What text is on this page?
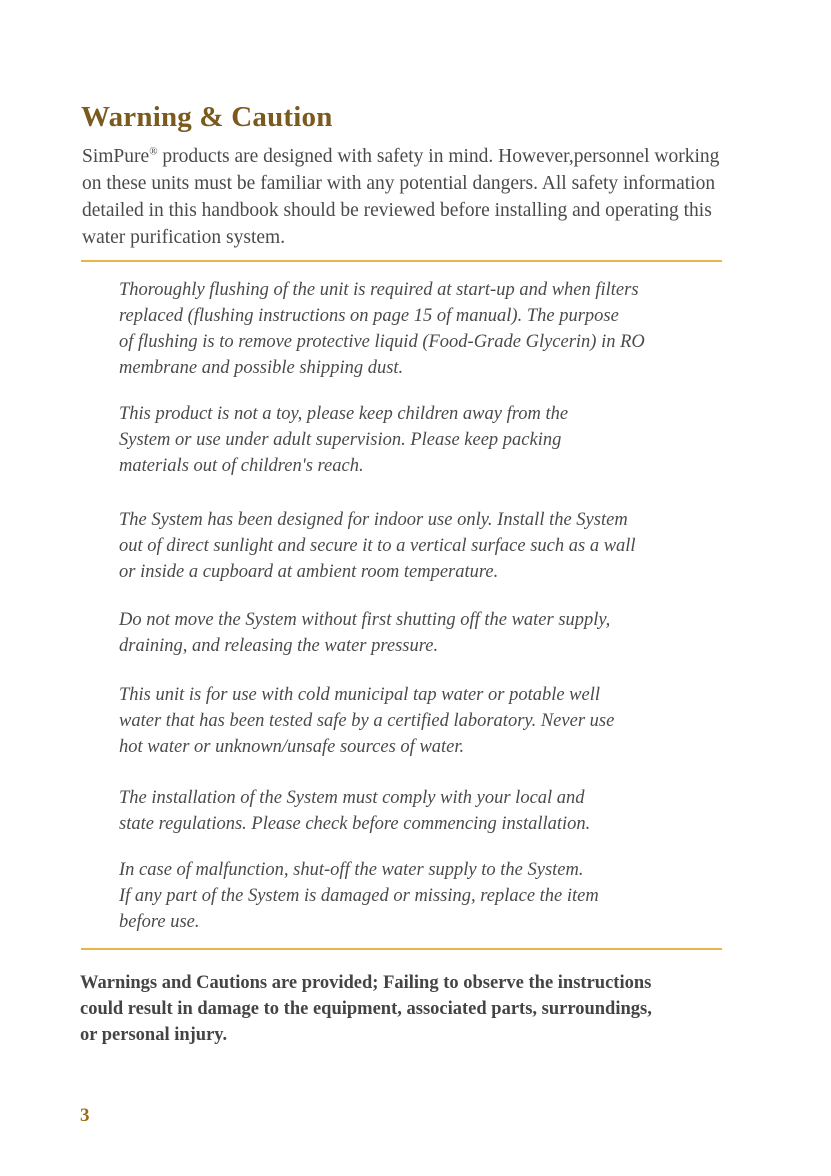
Warning & Caution

SimPure® products are designed with safety in mind. However,personnel working on these units must be familiar with any potential dangers. All safety information detailed in this handbook should be reviewed before installing and operating this water purification system.

Thoroughly flushing of the unit is required at start-up and when filters
replaced (flushing instructions on page 15 of manual). The purpose
of flushing is to remove protective liquid (Food-Grade Glycerin) in RO
membrane and possible shipping dust.
This product is not a toy, please keep children away from the
System or use under adult supervision. Please keep packing
materials out of children's reach.
The System has been designed for indoor use only. Install the System
out of direct sunlight and secure it to a vertical surface such as a wall
or inside a cupboard at ambient room temperature.
Do not move the System without first shutting off the water supply,
draining, and releasing the water pressure.
This unit is for use with cold municipal tap water or potable well
water that has been tested safe by a certified laboratory. Never use
hot water or unknown/unsafe sources of water.
The installation of the System must comply with your local and
state regulations. Please check before commencing installation.
In case of malfunction, shut-off the water supply to the System.
If any part of the System is damaged or missing, replace the item
before use.

Warnings and Cautions are provided; Failing to observe the instructions
could result in damage to the equipment, associated parts, surroundings,
or personal injury.

3
